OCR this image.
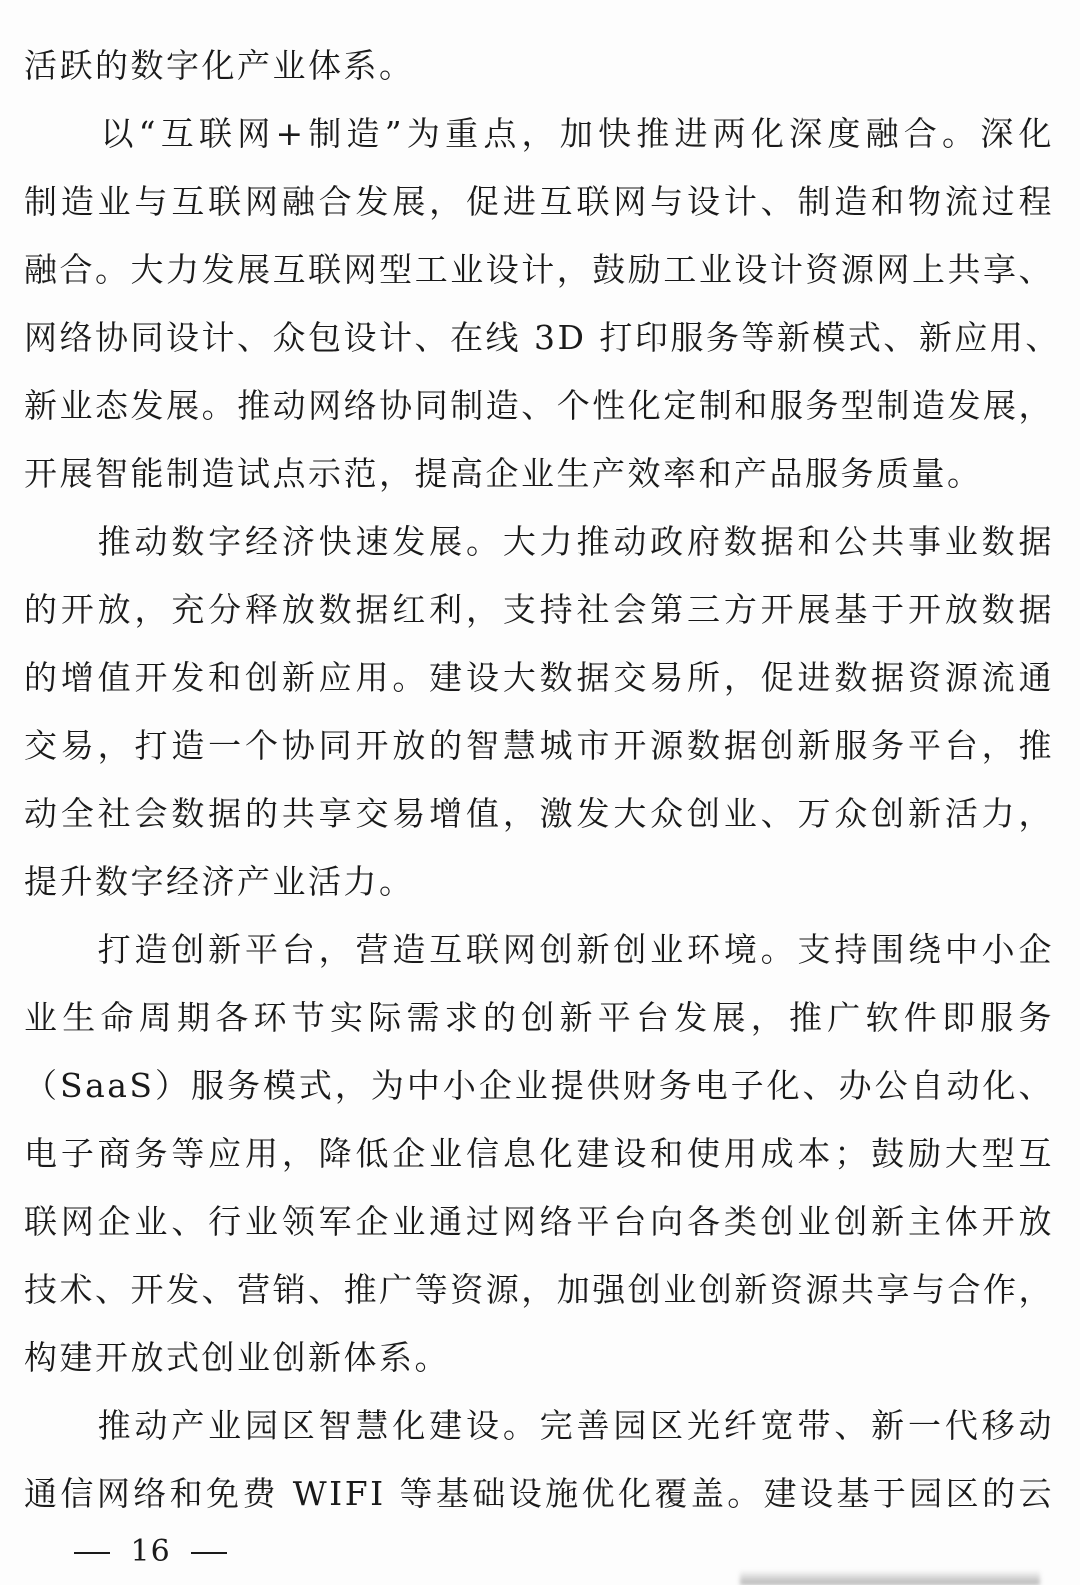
活跃的数字化产业体系。
　　以“互联网+制造”为重点，加快推进两化深度融合。深化
制造业与互联网融合发展，促进互联网与设计、制造和物流过程
融合。大力发展互联网型工业设计，鼓励工业设计资源网上共享、
网络协同设计、众包设计、在线 3D 打印服务等新模式、新应用、
新业态发展。推动网络协同制造、个性化定制和服务型制造发展，
开展智能制造试点示范，提高企业生产效率和产品服务质量。
　　推动数字经济快速发展。大力推动政府数据和公共事业数据
的开放，充分释放数据红利，支持社会第三方开展基于开放数据
的增值开发和创新应用。建设大数据交易所，促进数据资源流通
交易，打造一个协同开放的智慧城市开源数据创新服务平台，推
动全社会数据的共享交易增值，激发大众创业、万众创新活力，
提升数字经济产业活力。
　　打造创新平台，营造互联网创新创业环境。支持围绕中小企
业生命周期各环节实际需求的创新平台发展，推广软件即服务
（SaaS）服务模式，为中小企业提供财务电子化、办公自动化、
电子商务等应用，降低企业信息化建设和使用成本；鼓励大型互
联网企业、行业领军企业通过网络平台向各类创业创新主体开放
技术、开发、营销、推广等资源，加强创业创新资源共享与合作，
构建开放式创业创新体系。
　　推动产业园区智慧化建设。完善园区光纤宽带、新一代移动
通信网络和免费 WIFI 等基础设施优化覆盖。建设基于园区的云
16
